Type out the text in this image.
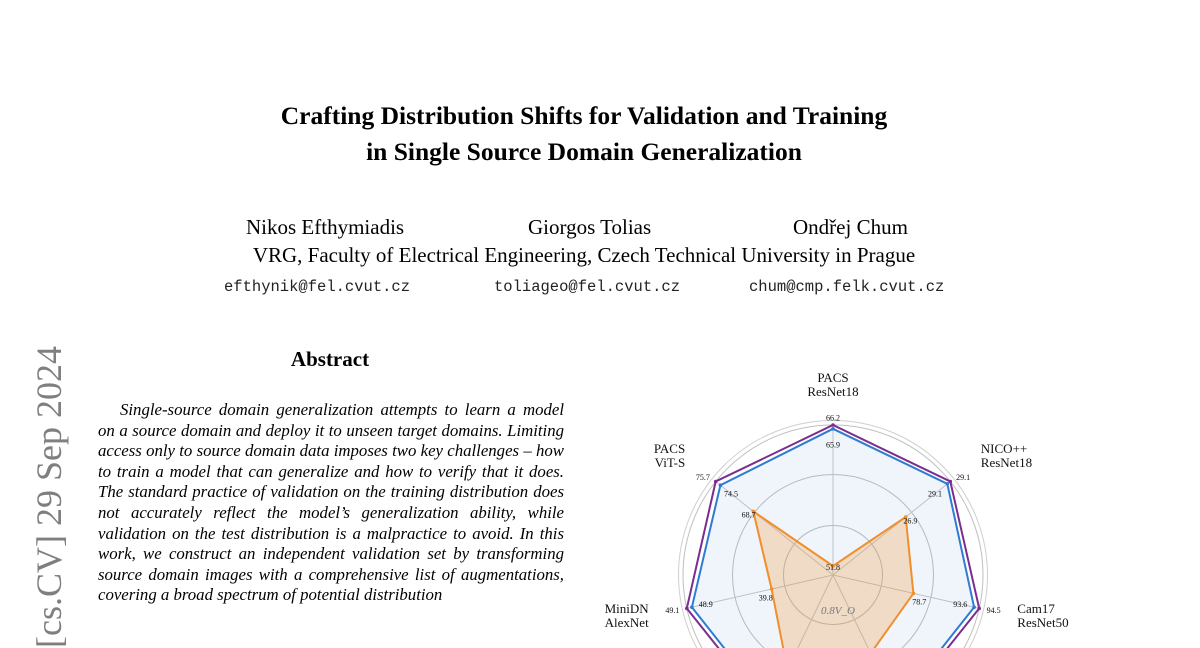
Crafting Distribution Shifts for Validation and Training
in Single Source Domain Generalization
Nikos Efthymiadis	Giorgos Tolias	Ondřej Chum
VRG, Faculty of Electrical Engineering, Czech Technical University in Prague
efthynik@fel.cvut.cz	toliageo@fel.cvut.cz	chum@cmp.felk.cvut.cz
[cs.CV] 29 Sep 2024	Abstract
Single-source domain generalization attempts to learn a model on a source domain and deploy it to unseen target domains. Limiting access only to source domain data imposes two key challenges – how to train a model that can generalize and how to verify that it does. The standard practice of validation on the training distribution does not accurately reflect the model’s generalization ability, while validation on the test distribution is a malpractice to avoid. In this work, we construct an independent validation set by transforming source domain images with a comprehensive list of augmentations, covering a broad spectrum of potential distribution
66.2
65.9
51.8
PACS
ResNet18
29.1
29.1
26.9
NICO++
ResNet18
94.5
93.6
78.7	Cam17
ResNet50
49.1
48.9
39.8
MiniDN
AlexNet
75.7
74.5
68.7
PACS
ViT-S
0.8V_O
